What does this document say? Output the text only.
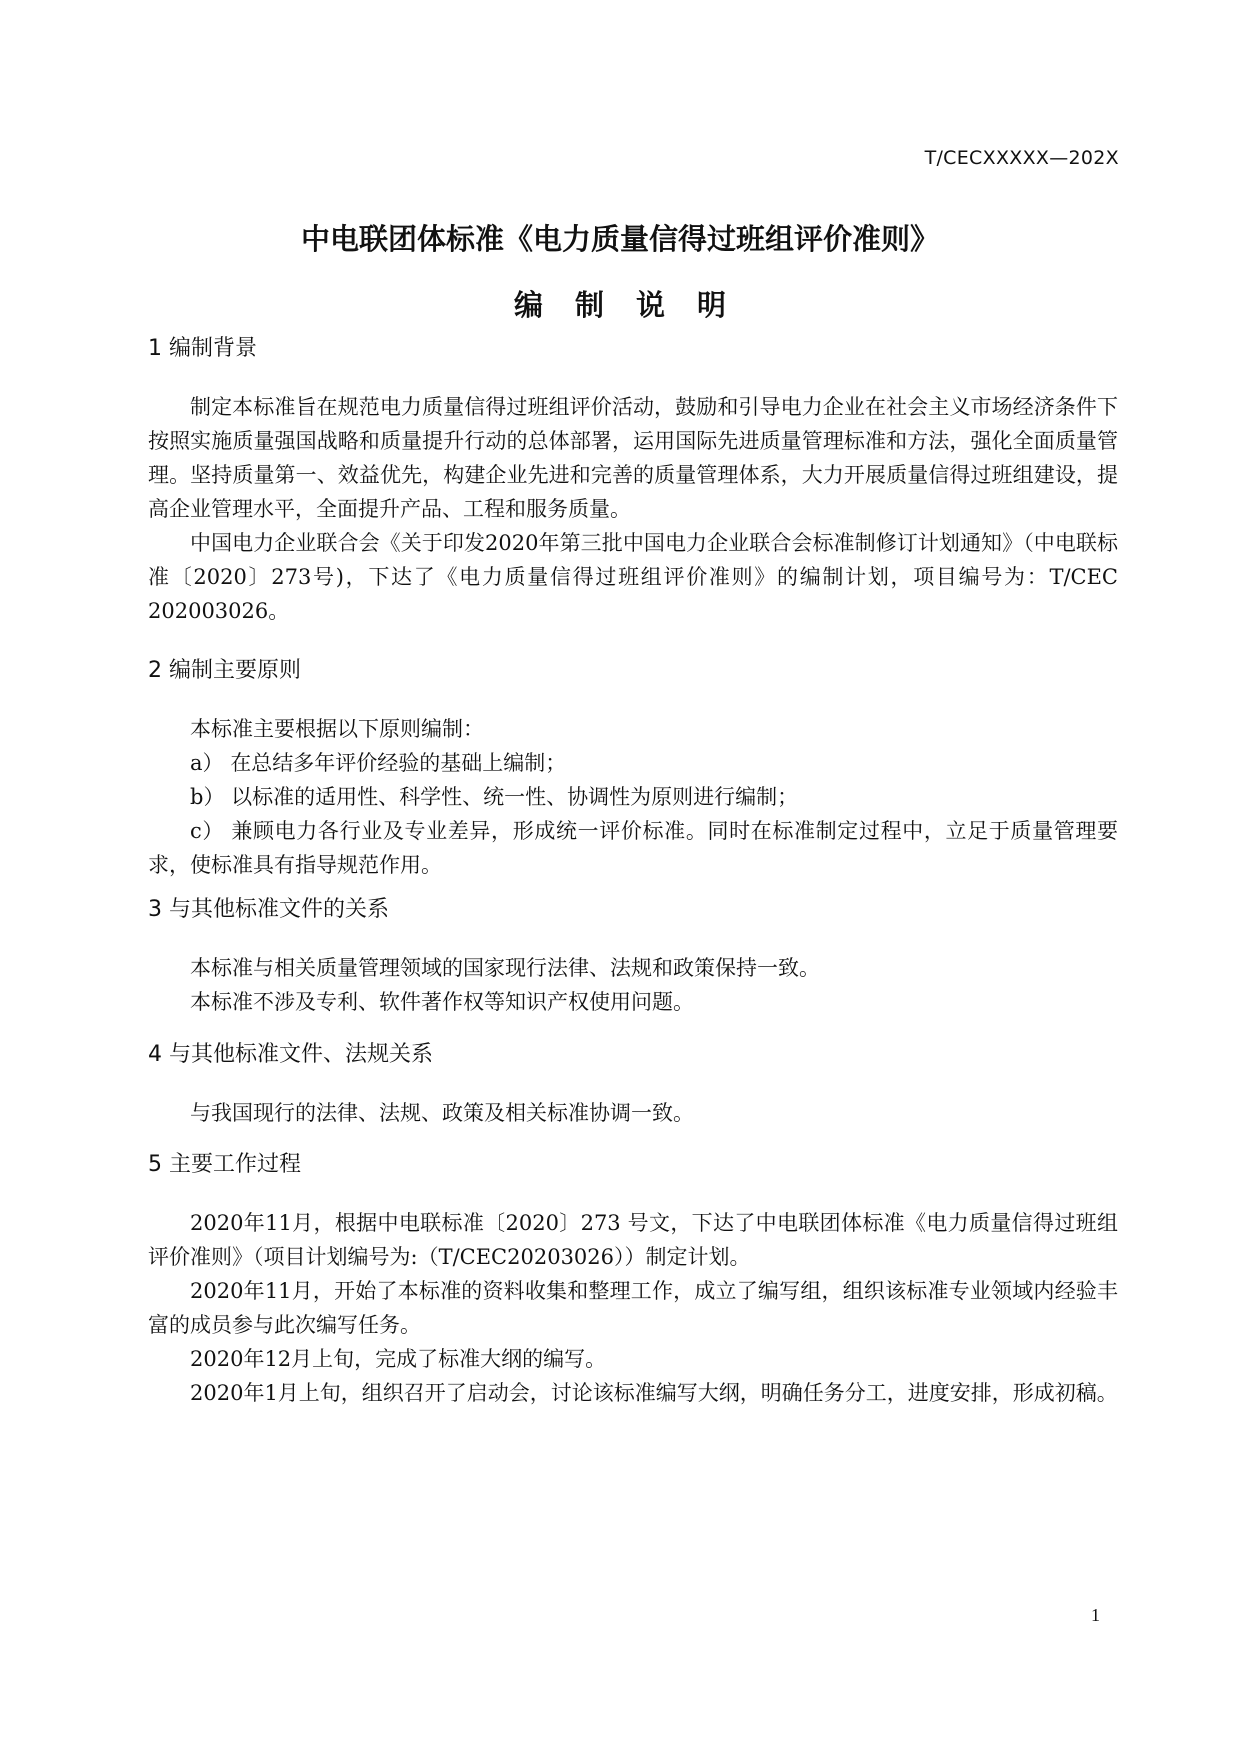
T/CECXXXXX—202X
中电联团体标准《电力质量信得过班组评价准则》
编 制 说 明
1 编制背景

制定本标准旨在规范电力质量信得过班组评价活动，鼓励和引导电力企业在社会主义市场经济条件下按照实施质量强国战略和质量提升行动的总体部署，运用国际先进质量管理标准和方法，强化全面质量管理。坚持质量第一、效益优先，构建企业先进和完善的质量管理体系，大力开展质量信得过班组建设，提高企业管理水平，全面提升产品、工程和服务质量。

中国电力企业联合会《关于印发2020年第三批中国电力企业联合会标准制修订计划通知》（中电联标准〔2020〕273号)，下达了《电力质量信得过班组评价准则》的编制计划，项目编号为：T/CEC 202003026。

2 编制主要原则

本标准主要根据以下原则编制：

a） 在总结多年评价经验的基础上编制；

b） 以标准的适用性、科学性、统一性、协调性为原则进行编制；

c） 兼顾电力各行业及专业差异，形成统一评价标准。同时在标准制定过程中，立足于质量管理要求，使标准具有指导规范作用。

3 与其他标准文件的关系

本标准与相关质量管理领域的国家现行法律、法规和政策保持一致。

本标准不涉及专利、软件著作权等知识产权使用问题。

4 与其他标准文件、法规关系

与我国现行的法律、法规、政策及相关标准协调一致。

5 主要工作过程

2020年11月，根据中电联标准〔2020〕273 号文，下达了中电联团体标准《电力质量信得过班组评价准则》（项目计划编号为:（T/CEC20203026））制定计划。

2020年11月，开始了本标准的资料收集和整理工作，成立了编写组，组织该标准专业领域内经验丰富的成员参与此次编写任务。

2020年12月上旬，完成了标准大纲的编写。

2020年1月上旬，组织召开了启动会，讨论该标准编写大纲，明确任务分工，进度安排，形成初稿。

1
